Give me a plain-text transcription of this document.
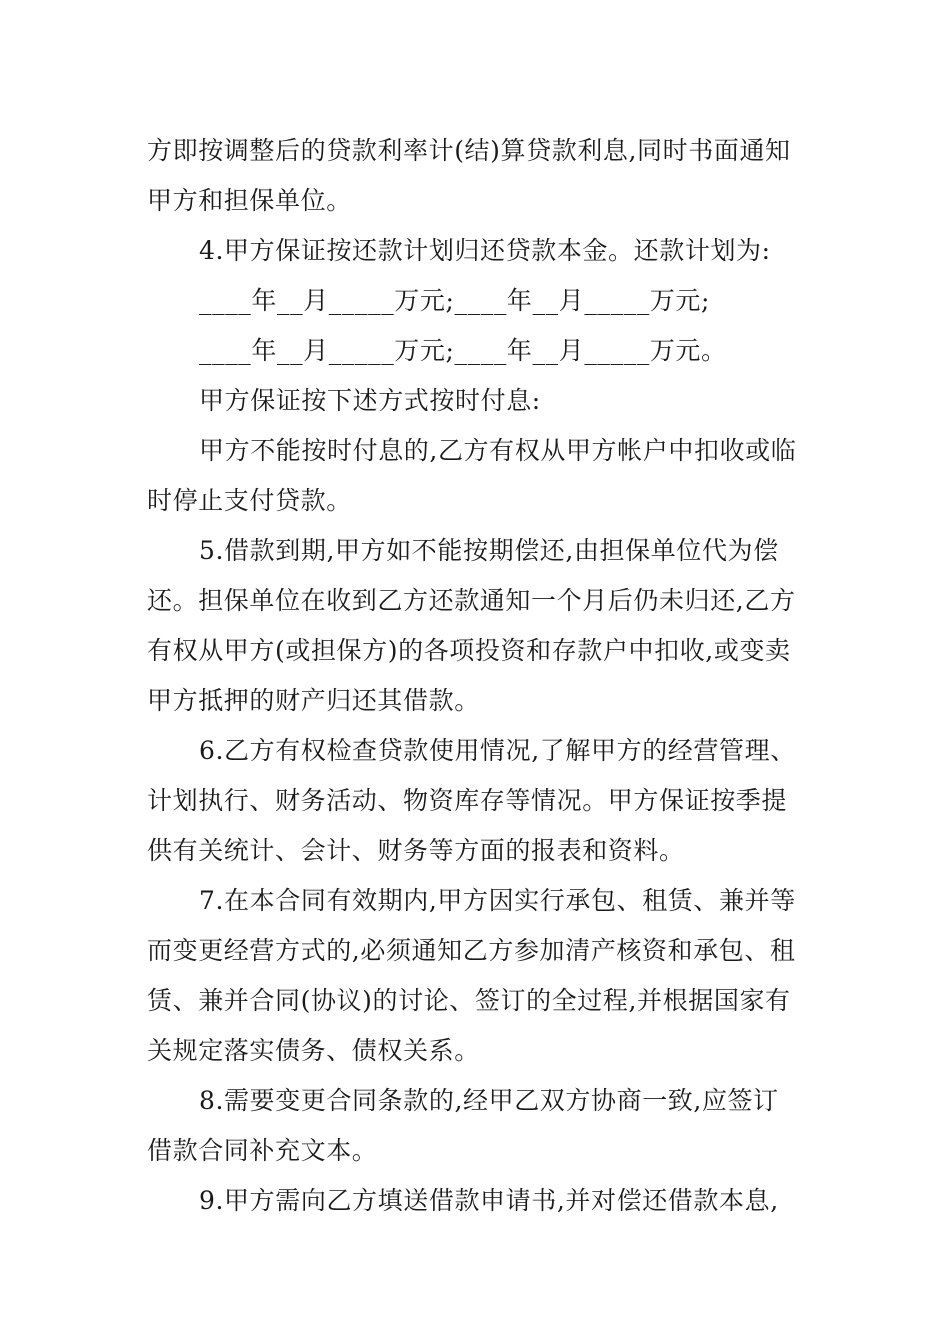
方即按调整后的贷款利率计(结)算贷款利息,同时书面通知
甲方和担保单位。
4.甲方保证按还款计划归还贷款本金。还款计划为:
____年__月_____万元;____年__月_____万元;
____年__月_____万元;____年__月_____万元。
甲方保证按下述方式按时付息:
甲方不能按时付息的,乙方有权从甲方帐户中扣收或临
时停止支付贷款。
5.借款到期,甲方如不能按期偿还,由担保单位代为偿
还。担保单位在收到乙方还款通知一个月后仍未归还,乙方
有权从甲方(或担保方)的各项投资和存款户中扣收,或变卖
甲方抵押的财产归还其借款。
6.乙方有权检查贷款使用情况,了解甲方的经营管理、
计划执行、财务活动、物资库存等情况。甲方保证按季提
供有关统计、会计、财务等方面的报表和资料。
7.在本合同有效期内,甲方因实行承包、租赁、兼并等
而变更经营方式的,必须通知乙方参加清产核资和承包、租
赁、兼并合同(协议)的讨论、签订的全过程,并根据国家有
关规定落实债务、债权关系。
8.需要变更合同条款的,经甲乙双方协商一致,应签订
借款合同补充文本。
9.甲方需向乙方填送借款申请书,并对偿还借款本息,
